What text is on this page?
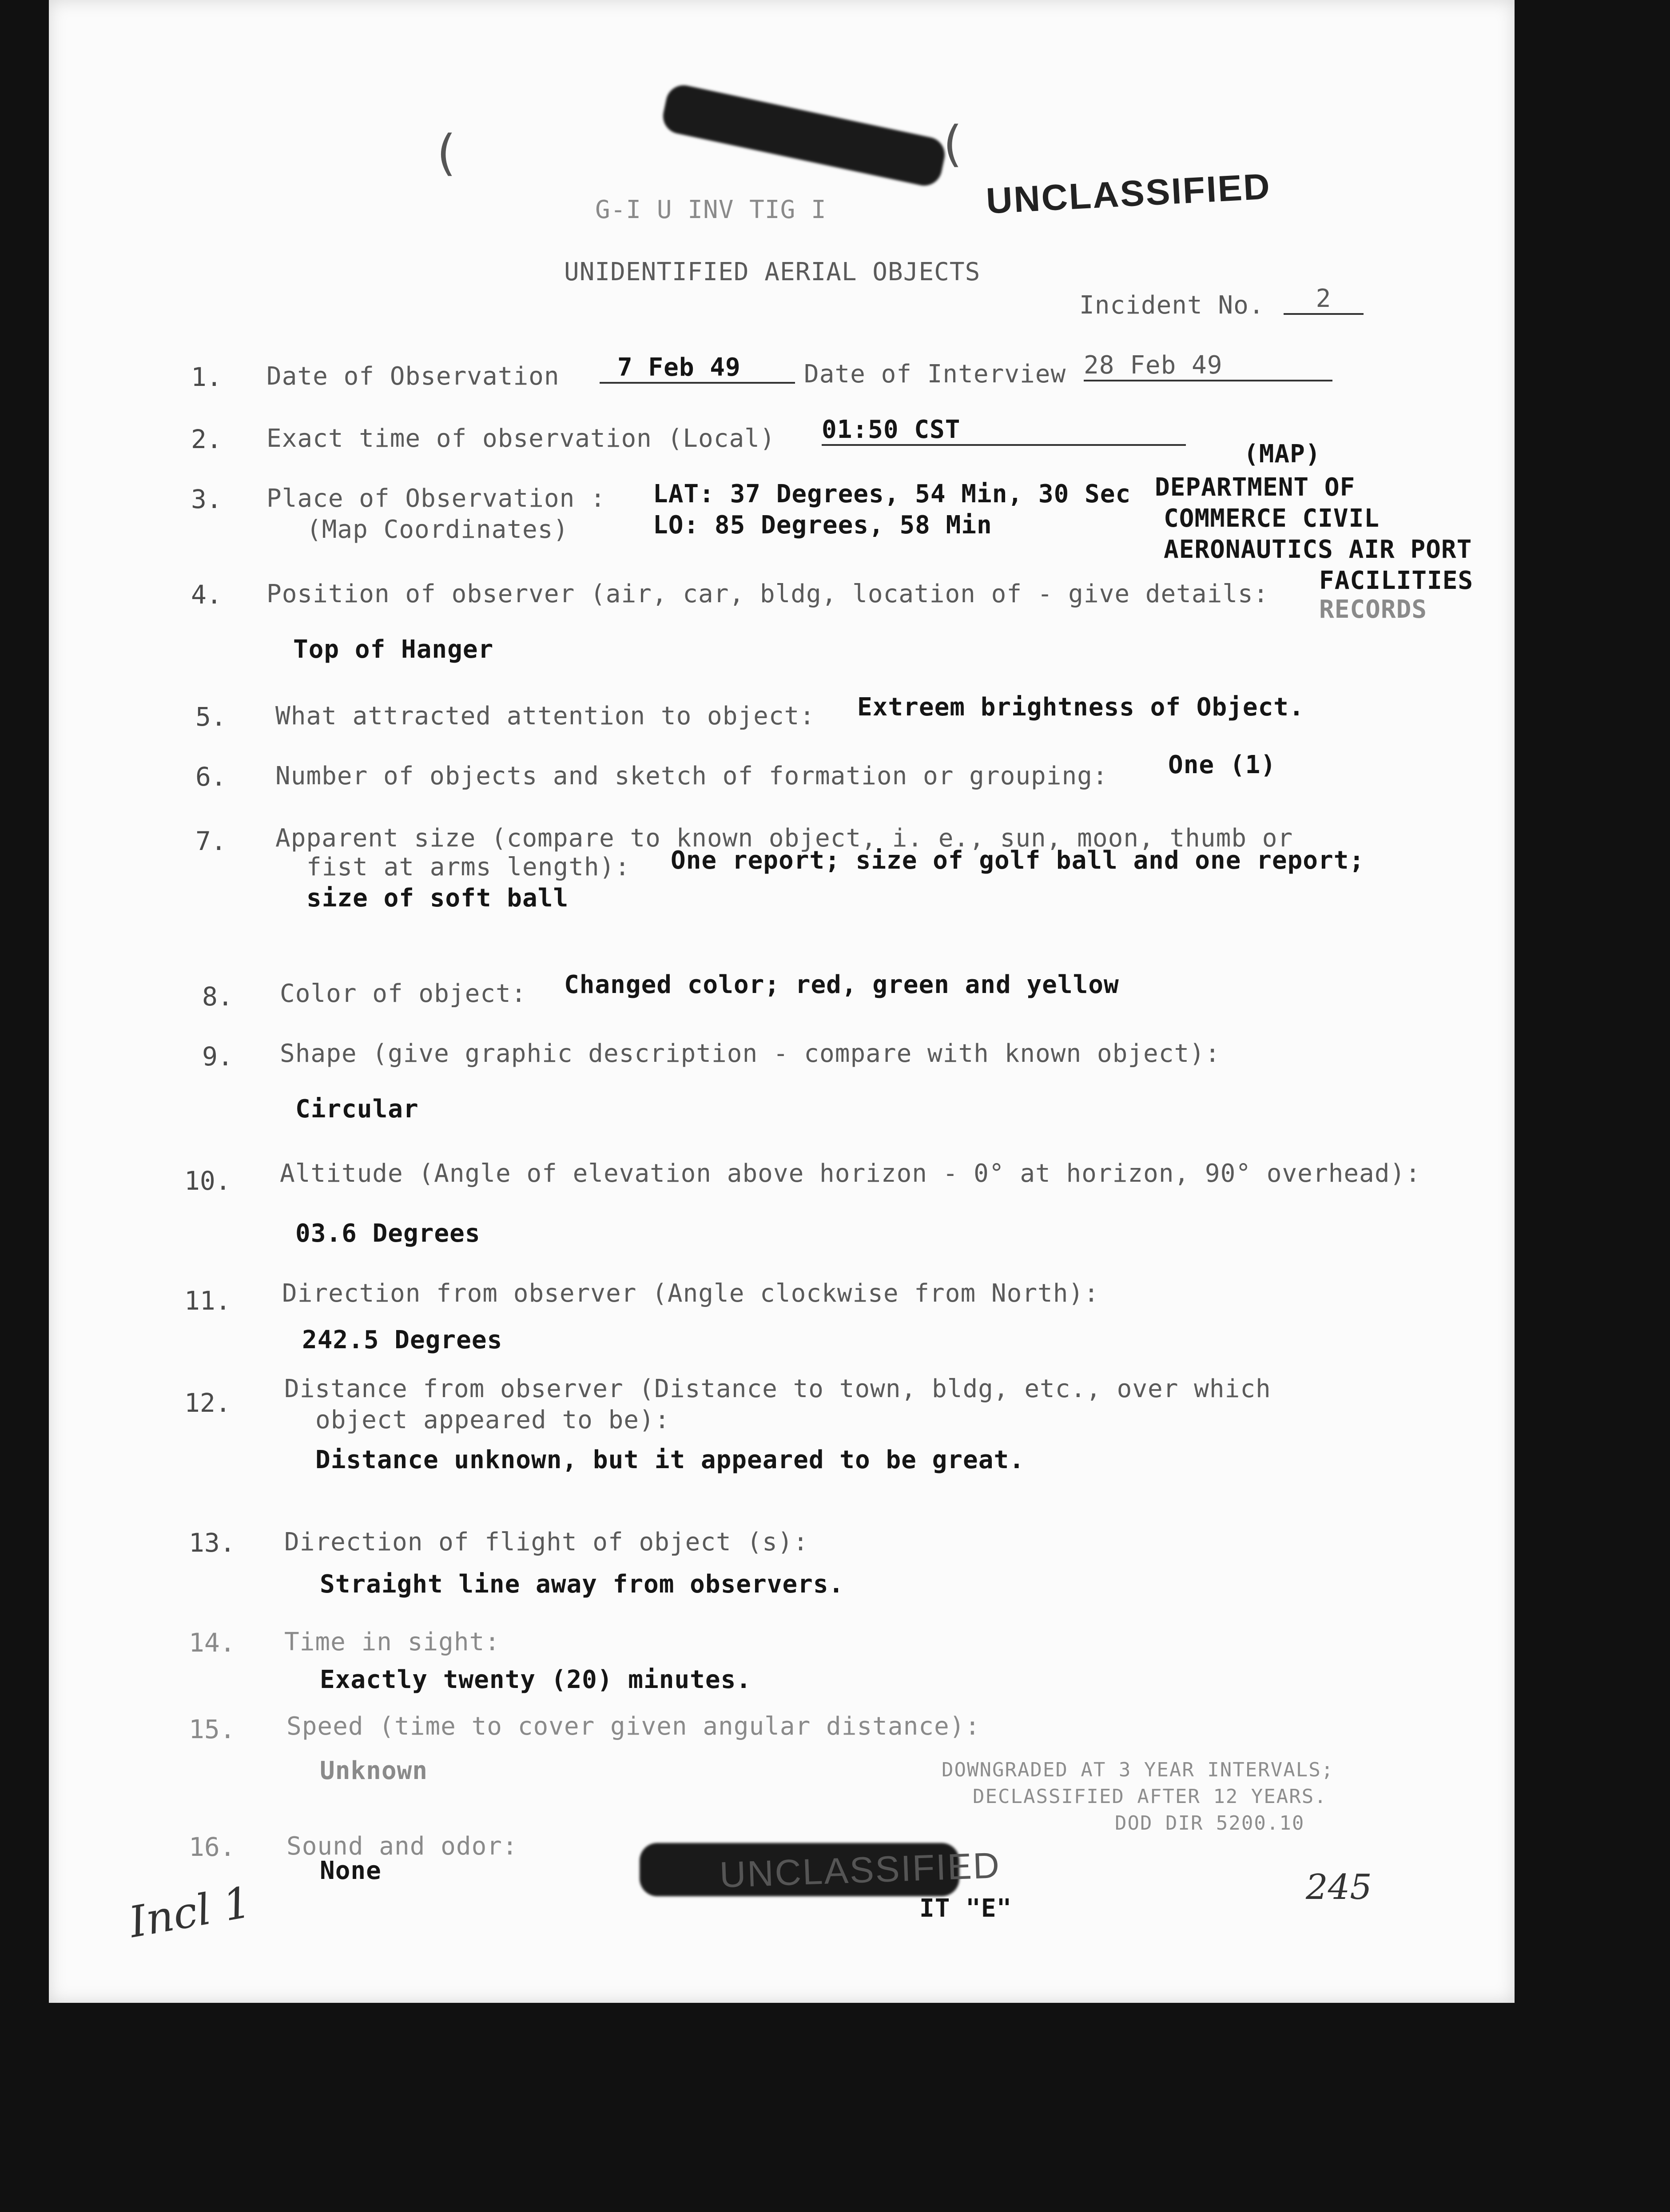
G-I U INV TIG I	UNCLASSIFIED
UNIDENTIFIED AERIAL OBJECTS
Incident No.	2
1. Date of Observation	7 Feb 49	Date of Interview 28 Feb 49
2. Exact time of observation (Local) 01:50 CST
3. Place of Observation :
(Map Coordinates)
LAT: 37 Degrees, 54 Min, 30 Sec
LO: 85 Degrees, 58 Min
(MAP)
DEPARTMENT OF
COMMERCE CIVIL
AERONAUTICS AIR PORT
FACILITIES
RECORDS
4. Position of observer (air, car, bldg, location of - give details:
Top of Hanger
5. What attracted attention to object: Extreem brightness of Object.
6. Number of objects and sketch of formation or grouping: One (1)
7. Apparent size (compare to known object, i. e., sun, moon, thumb or
fist at arms length): One report; size of golf ball and one report;
size of soft ball
8. Color of object: Changed color; red, green and yellow
9. Shape (give graphic description - compare with known object):
Circular
10. Altitude (Angle of elevation above horizon - 0° at horizon, 90° overhead):
03.6 Degrees
11. Direction from observer (Angle clockwise from North):
242.5 Degrees
12. Distance from observer (Distance to town, bldg, etc., over which
object appeared to be):
Distance unknown, but it appeared to be great.
13. Direction of flight of object (s):
Straight line away from observers.
14. Time in sight:
Exactly twenty (20) minutes.
15. Speed (time to cover given angular distance):
Unknown
16. Sound and odor:
None
DOWNGRADED AT 3 YEAR INTERVALS;
DECLASSIFIED AFTER 12 YEARS.
DOD DIR 5200.10
UNCLASSIFIED
IT "E"
245
Incl 1
(	(
